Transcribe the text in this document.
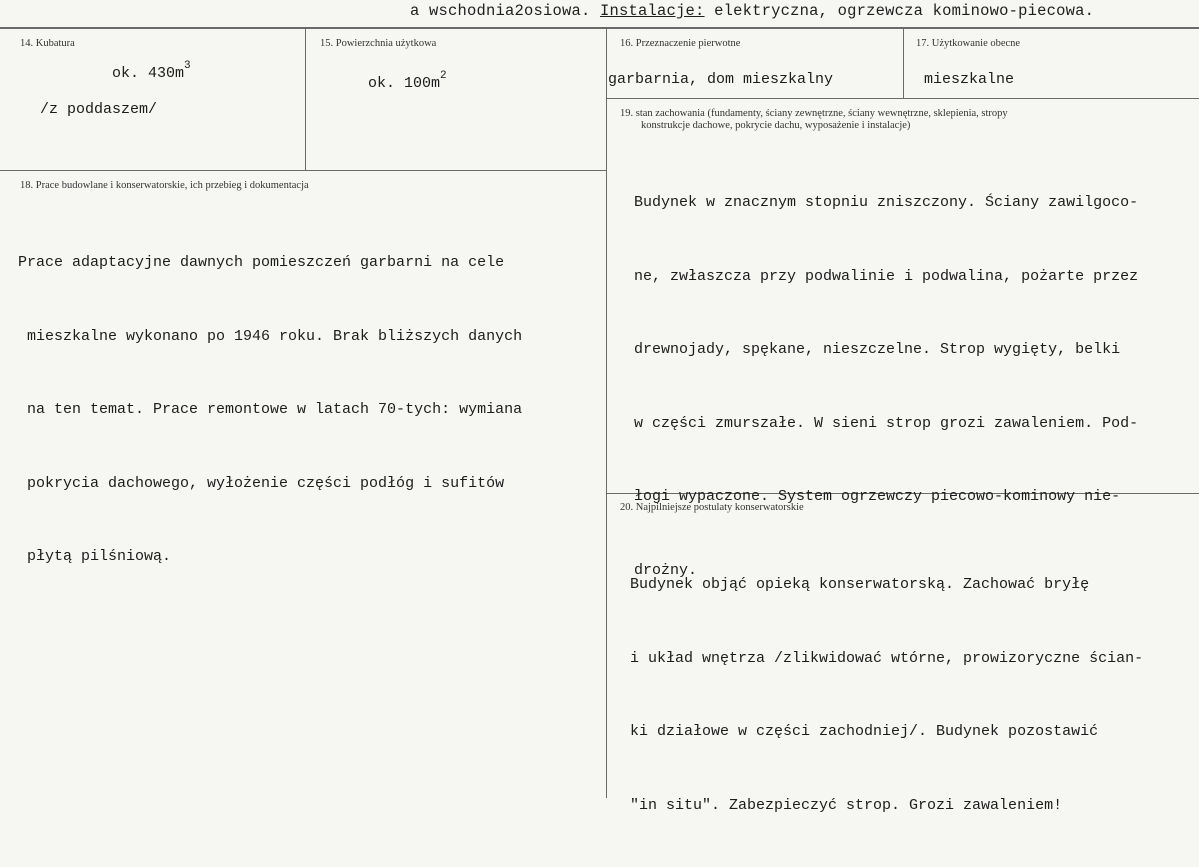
a wschodnia2osiowa. Instalacje: elektryczna, ogrzewcza kominowo-piecowa.
14. Kubatura
ok. $430m^3$
/z poddaszem/
15. Powierzchnia użytkowa
ok. $100m^2$
16. Przeznaczenie pierwotne
garbarnia, dom mieszkalny
17. Użytkowanie obecne
mieszkalne
18. Prace budowlane i konserwatorskie, ich przebieg i dokumentacja

Prace adaptacyjne dawnych pomieszczeń garbarni na cele

mieszkalne wykonano po 1946 roku. Brak bliższych danych

na ten temat. Prace remontowe w latach 70-tych: wymiana

pokrycia dachowego, wyłożenie części podłóg i sufitów

płytą pilśniową.

19. stan zachowania (fundamenty, ściany zewnętrzne, ściany wewnętrzne, sklepienia, stropy
konstrukcje dachowe, pokrycie dachu, wyposażenie i instalacje)

Budynek w znacznym stopniu zniszczony. Ściany zawilgoco-

ne, zwłaszcza przy podwalinie i podwalina, pożarte przez

drewnojady, spękane, nieszczelne. Strop wygięty, belki

w części zmurszałe. W sieni strop grozi zawaleniem. Pod-

łogi wypaczone. System ogrzewczy piecowo-kominowy nie-

drożny.

20. Najpilniejsze postulaty konserwatorskie

Budynek objąć opieką konserwatorską. Zachować bryłę

i układ wnętrza /zlikwidować wtórne, prowizoryczne ścian-

ki działowe w części zachodniej/. Budynek pozostawić

"in situ". Zabezpieczyć strop. Grozi zawaleniem!
